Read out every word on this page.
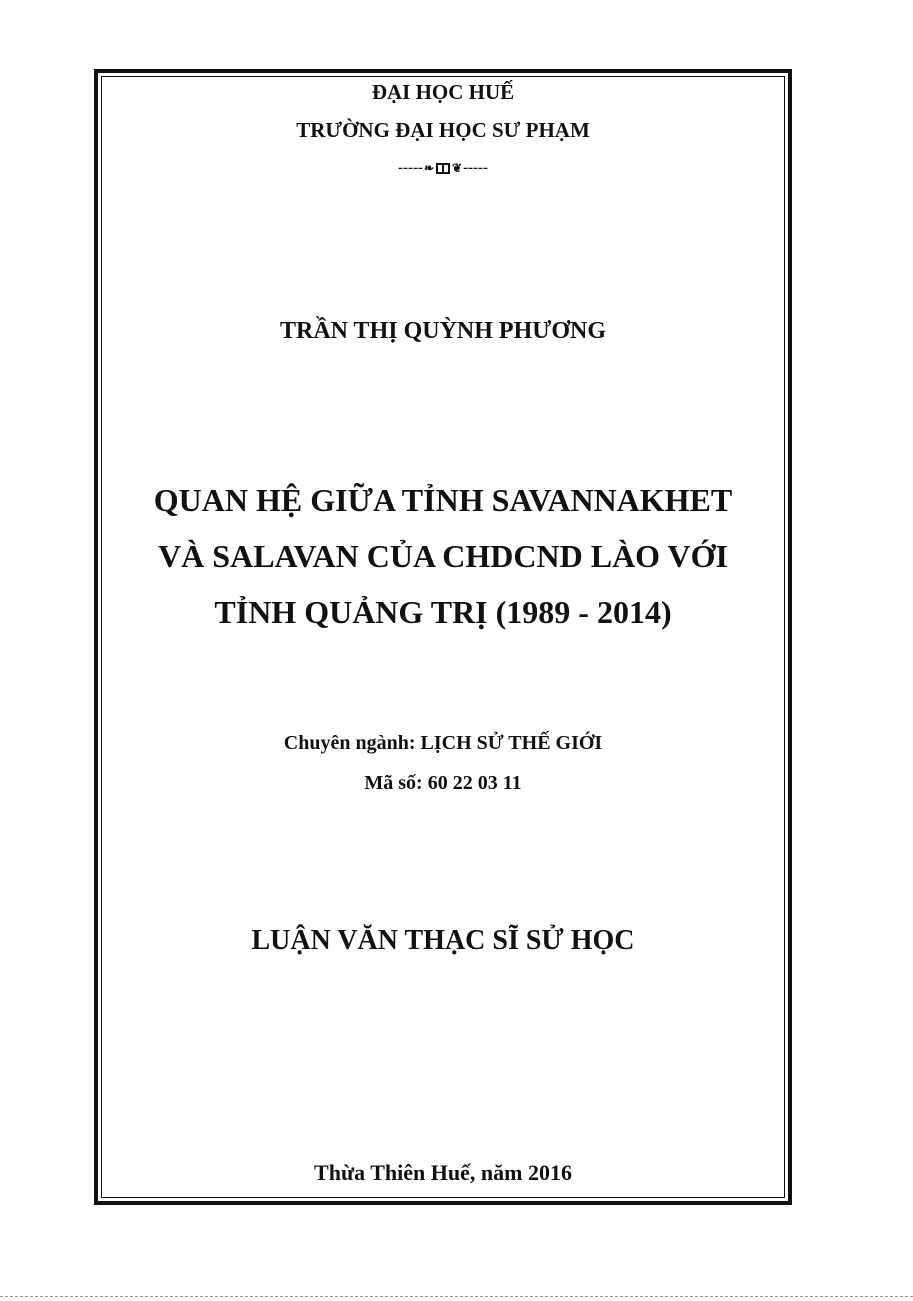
ĐẠI HỌC HUẾ
TRƯỜNG ĐẠI HỌC SƯ PHẠM
-----❧ ❦-----
TRẦN THỊ QUỲNH PHƯƠNG
QUAN HỆ GIỮA TỈNH SAVANNAKHET
VÀ SALAVAN CỦA CHDCND LÀO VỚI
TỈNH QUẢNG TRỊ (1989 - 2014)
Chuyên ngành: LỊCH SỬ THẾ GIỚI
Mã số: 60 22 03 11
LUẬN VĂN THẠC SĨ SỬ HỌC
Thừa Thiên Huế, năm 2016
